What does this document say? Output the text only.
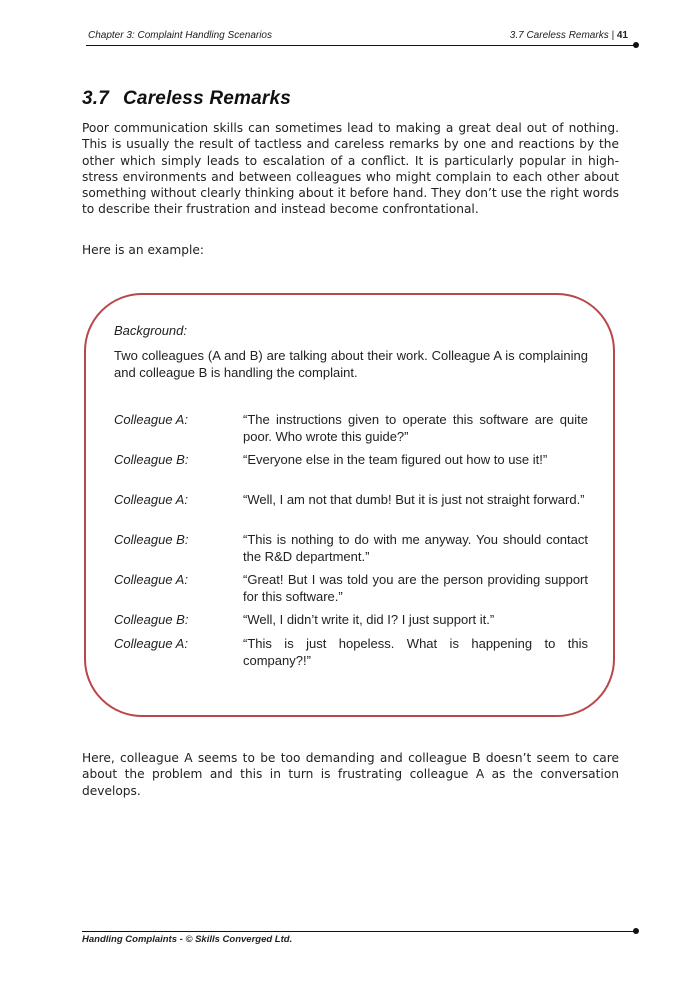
Chapter 3: Complaint Handling Scenarios	3.7 Careless Remarks | 41
3.7 Careless Remarks

Poor communication skills can sometimes lead to making a great deal out of nothing. This is usually the result of tactless and careless remarks by one and reactions by the other which simply leads to escalation of a conflict. It is particularly popular in high-stress environments and between colleagues who might complain to each other about something without clearly thinking about it before hand. They don’t use the right words to describe their frustration and instead become confrontational.

Here is an example:

Background:

Two colleagues (A and B) are talking about their work. Colleague A is complaining and colleague B is handling the complaint.

Colleague A:	“The instructions given to operate this software are quite poor. Who wrote this guide?”

Colleague B:	“Everyone else in the team figured out how to use it!”

Colleague A:	“Well, I am not that dumb! But it is just not straight forward.”

Colleague B:	“This is nothing to do with me anyway. You should contact the R&D department.”

Colleague A:	“Great! But I was told you are the person providing support for this software.”

Colleague B:	“Well, I didn’t write it, did I? I just support it.”

Colleague A:	“This is just hopeless. What is happening to this company?!”

Here, colleague A seems to be too demanding and colleague B doesn’t seem to care about the problem and this in turn is frustrating colleague A as the conversation develops.

Handling Complaints - © Skills Converged Ltd.
